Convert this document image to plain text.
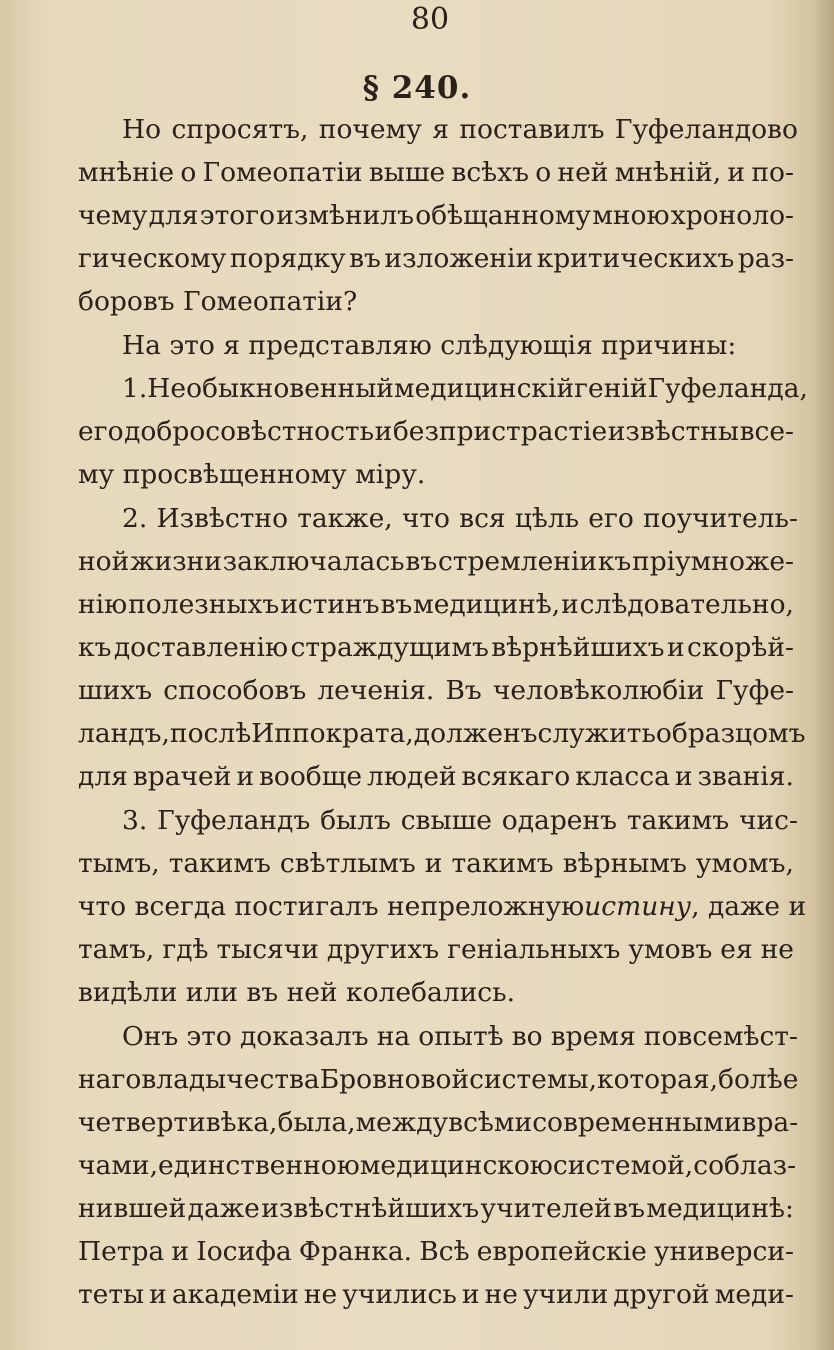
80
§ 240.
Но спросятъ, почему я поставилъ Гуфеландово
мнѣніе о Гомеопатіи выше всѣхъ о ней мнѣній, и по-
чему для этого измѣнилъ обѣщанному мною хроноло-
гическому порядку въ изложеніи критическихъ раз-
боровъ Гомеопатіи?
На это я представляю слѣдующія причины:
1. Необыкновенный медицинскій геній Гуфеланда,
его добросовѣстность и безпристрастіе извѣстны все-
му просвѣщенному міру.
2. Извѣстно также, что вся цѣль его поучитель-
ной жизни заключалась въ стремленіи къ пріумноже-
нію полезныхъ истинъ въ медицинѣ, и слѣдовательно,
къ доставленію страждущимъ вѣрнѣйшихъ и скорѣй-
шихъ способовъ леченія. Въ человѣколюбіи Гуфе-
ландъ, послѣ Иппократа, долженъ служить образцомъ
для врачей и вообще людей всякаго класса и званія.
3. Гуфеландъ былъ свыше одаренъ такимъ чис-
тымъ, такимъ свѣтлымъ и такимъ вѣрнымъ умомъ,
что всегда постигалъ непреложную истину, даже и
тамъ, гдѣ тысячи другихъ геніальныхъ умовъ ея не
видѣли или въ ней колебались.
Онъ это доказалъ на опытѣ во время повсемѣст-
наго владычества Бровновой системы, которая, болѣе
четверти вѣка, была, между всѣми современными вра-
чами, единственною медицинскою системой, соблаз-
нившей даже извѣстнѣйшихъ учителей въ медицинѣ:
Петра и Іосифа Франка. Всѣ европейскіе универси-
теты и академіи не учились и не учили другой меди-
